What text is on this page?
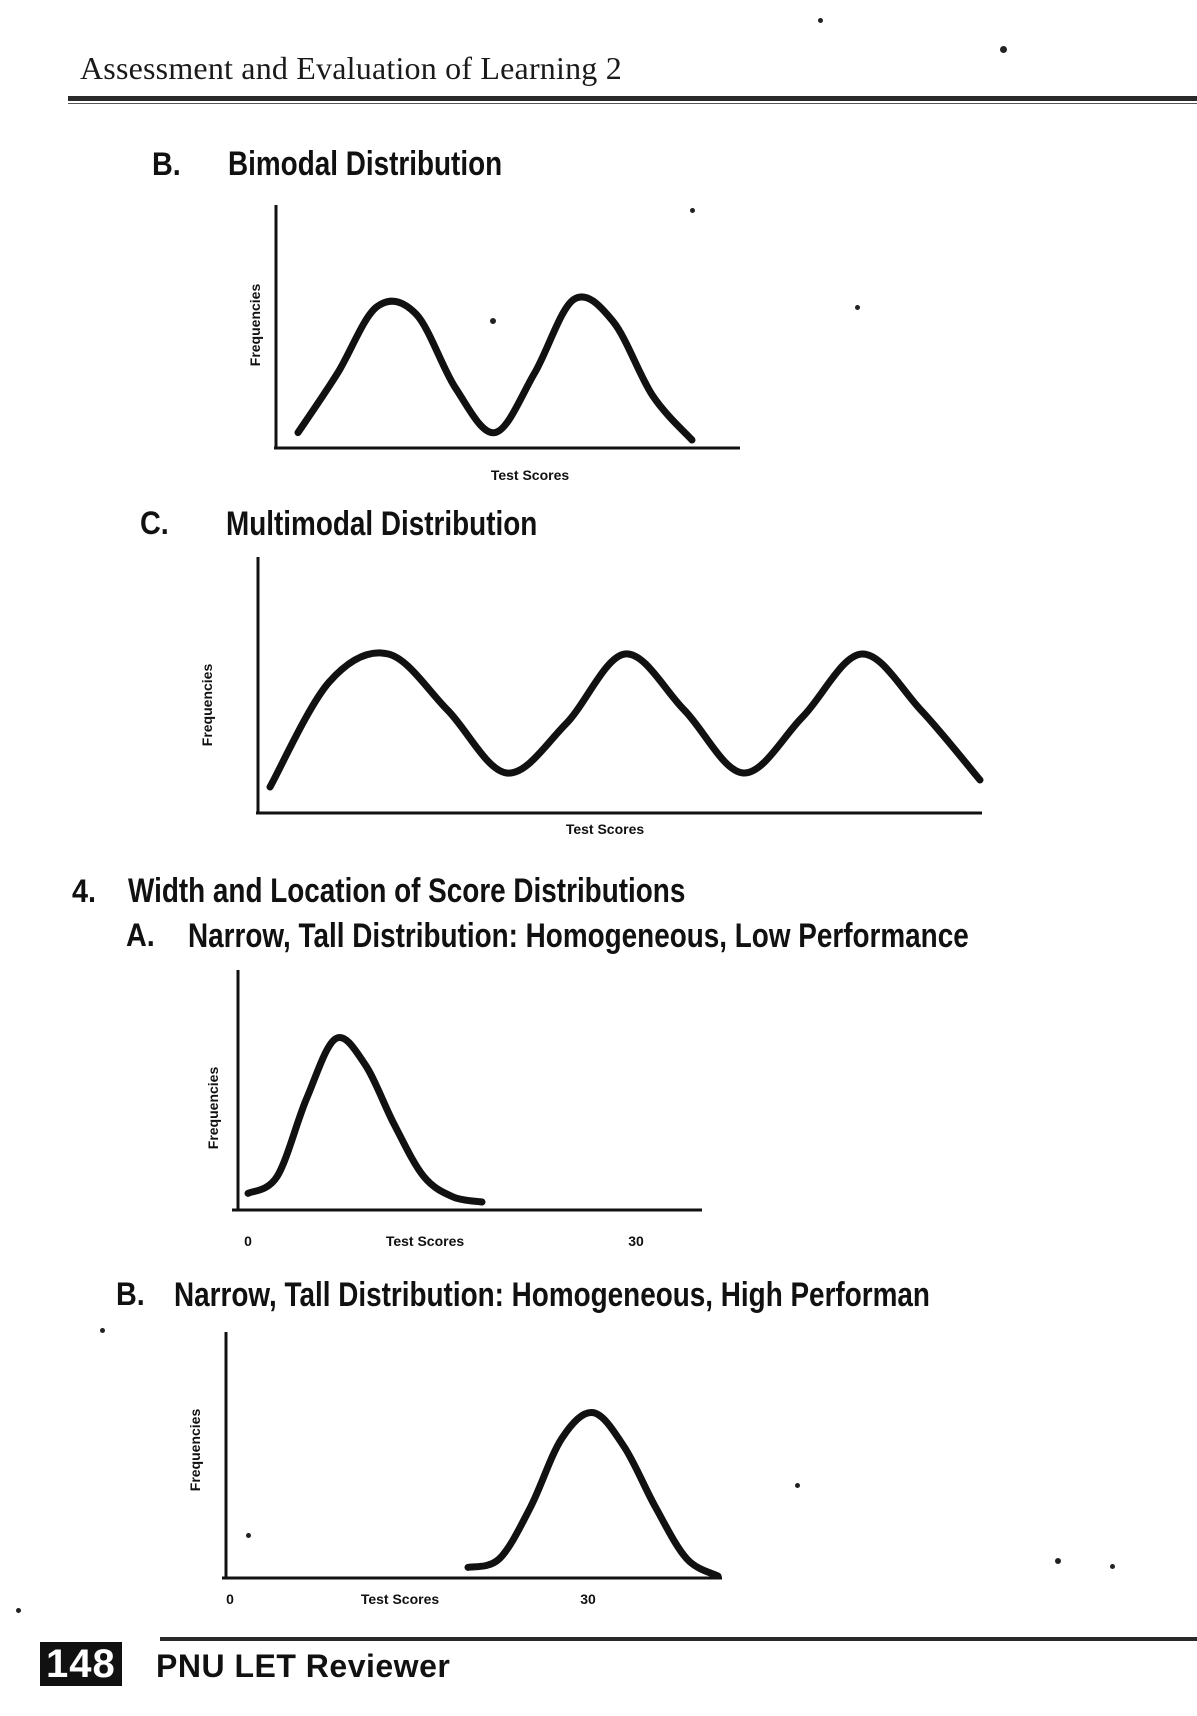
Assessment and Evaluation of Learning 2
B. Bimodal Distribution
Test Scores
Frequencies
C. Multimodal Distribution
Test Scores
Frequencies
4. Width and Location of Score Distributions
A. Narrow, Tall Distribution: Homogeneous, Low Performance
0	Test Scores	30
Frequencies
B. Narrow, Tall Distribution: Homogeneous, High Performan
0	Test Scores	30
Frequencies
148 PNU LET Reviewer
